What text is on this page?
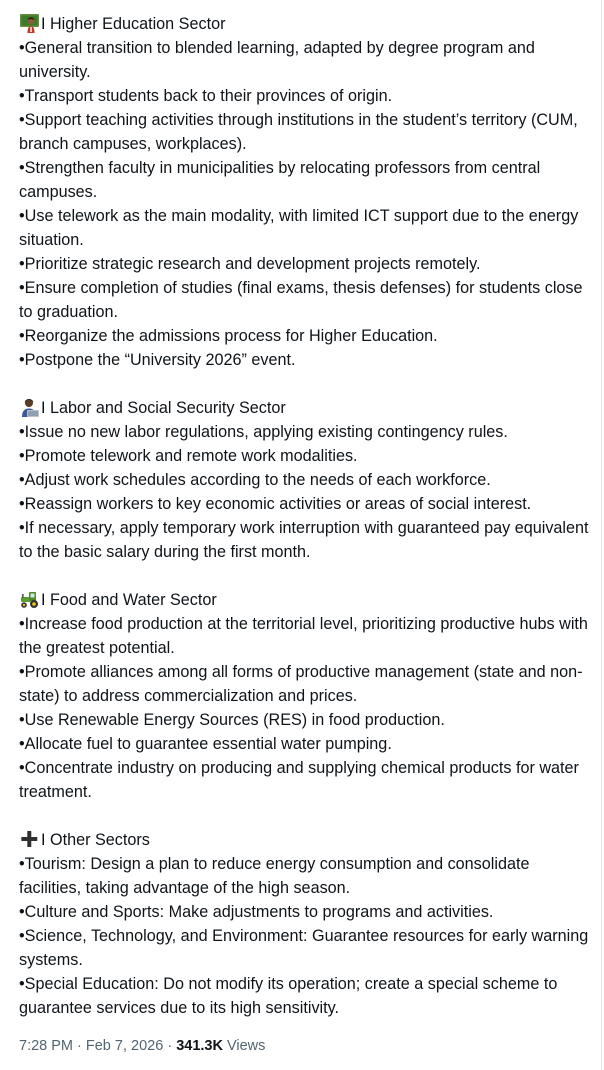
I Higher Education Sector

•General transition to blended learning, adapted by degree program and university.

•Transport students back to their provinces of origin.

•Support teaching activities through institutions in the student’s territory (CUM, branch campuses, workplaces).

•Strengthen faculty in municipalities by relocating professors from central campuses.

•Use telework as the main modality, with limited ICT support due to the energy situation.

•Prioritize strategic research and development projects remotely.

•Ensure completion of studies (final exams, thesis defenses) for students close to graduation.

•Reorganize the admissions process for Higher Education.

•Postpone the “University 2026” event.

I Labor and Social Security Sector

•Issue no new labor regulations, applying existing contingency rules.

•Promote telework and remote work modalities.

•Adjust work schedules according to the needs of each workforce.

•Reassign workers to key economic activities or areas of social interest.

•If necessary, apply temporary work interruption with guaranteed pay equivalent to the basic salary during the first month.

I Food and Water Sector

•Increase food production at the territorial level, prioritizing productive hubs with the greatest potential.

•Promote alliances among all forms of productive management (state and non-state) to address commercialization and prices.

•Use Renewable Energy Sources (RES) in food production.

•Allocate fuel to guarantee essential water pumping.

•Concentrate industry on producing and supplying chemical products for water treatment.

I Other Sectors

•Tourism: Design a plan to reduce energy consumption and consolidate facilities, taking advantage of the high season.

•Culture and Sports: Make adjustments to programs and activities.

•Science, Technology, and Environment: Guarantee resources for early warning systems.

•Special Education: Do not modify its operation; create a special scheme to guarantee services due to its high sensitivity.

7:28 PM · Feb 7, 2026 · 341.3K Views
